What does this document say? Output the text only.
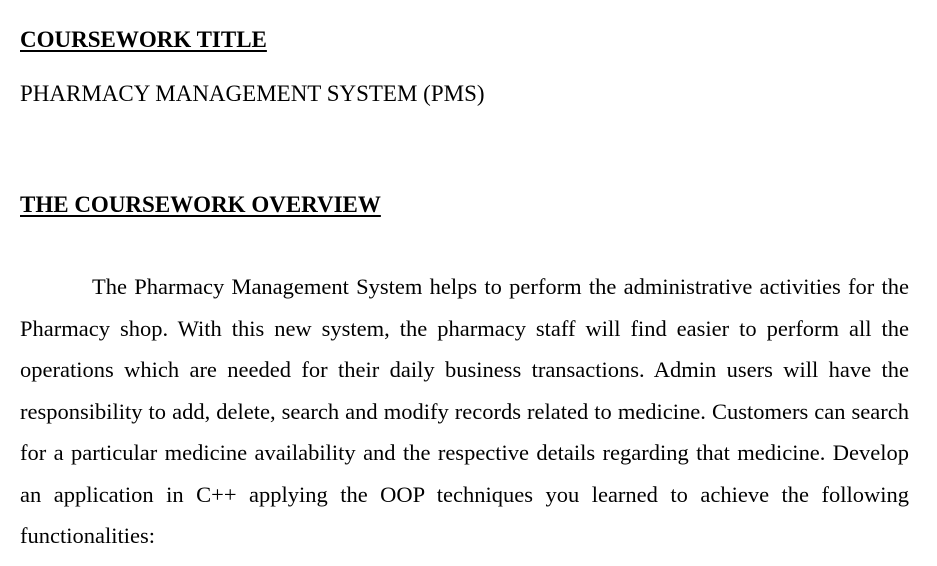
COURSEWORK TITLE

PHARMACY MANAGEMENT SYSTEM (PMS)

THE COURSEWORK OVERVIEW

The Pharmacy Management System helps to perform the administrative activities for the Pharmacy shop. With this new system, the pharmacy staff will find easier to perform all the operations which are needed for their daily business transactions. Admin users will have the responsibility to add, delete, search and modify records related to medicine. Customers can search for a particular medicine availability and the respective details regarding that medicine. Develop an application in C++ applying the OOP techniques you learned to achieve the following functionalities:
